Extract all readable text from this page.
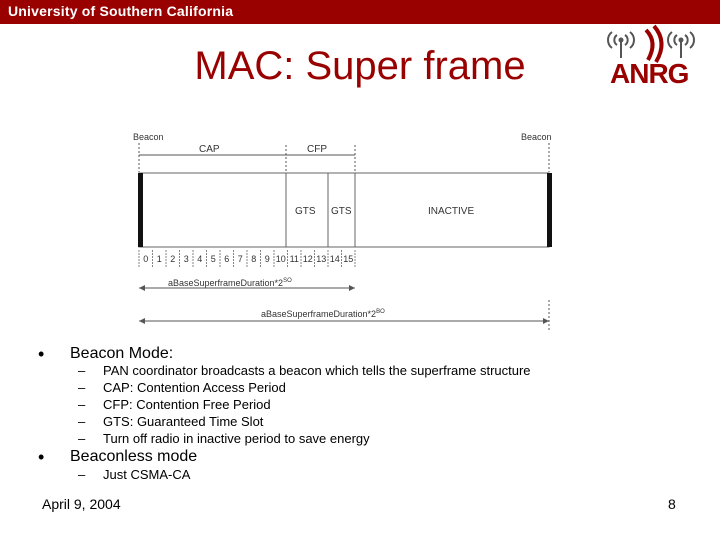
University of Southern California
MAC: Super frame	ANRG
Beacon	Beacon
CAP	CFP
GTS GTS	INACTIVE
0 1 2 3 4 5 6 7 8 9 10 11 12 13 14 15
$aBaseSuperframeDuration*2^{SO}$
$aBaseSuperframeDuration*2^{BO}$
• Beacon Mode:
– PAN coordinator broadcasts a beacon which tells the superframe structure
– CAP: Contention Access Period
– CFP: Contention Free Period
– GTS: Guaranteed Time Slot
– Turn off radio in inactive period to save energy
• Beaconless mode
– Just CSMA-CA
April 9, 2004	8
